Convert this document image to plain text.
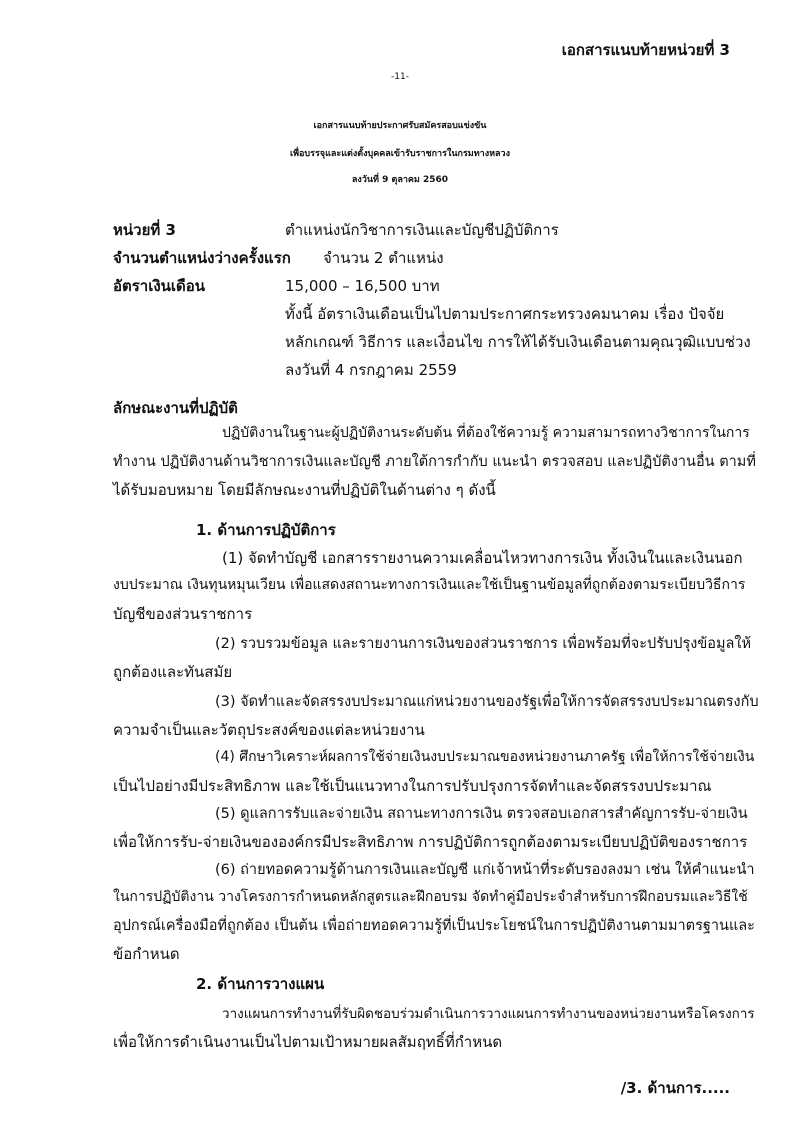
เอกสารแนบท้ายหน่วยที่ 3
-11-
เอกสารแนบท้ายประกาศรับสมัครสอบแข่งขัน
เพื่อบรรจุและแต่งตั้งบุคคลเข้ารับราชการในกรมทางหลวง
ลงวันที่ 9 ตุลาคม 2560
หน่วยที่ 3	ตำแหน่งนักวิชาการเงินและบัญชีปฏิบัติการ
จำนวนตำแหน่งว่างครั้งแรก จำนวน 2 ตำแหน่ง
อัตราเงินเดือน	15,000 – 16,500 บาท
ทั้งนี้ อัตราเงินเดือนเป็นไปตามประกาศกระทรวงคมนาคม เรื่อง ปัจจัย
หลักเกณฑ์ วิธีการ และเงื่อนไข การให้ได้รับเงินเดือนตามคุณวุฒิแบบช่วง
ลงวันที่ 4 กรกฎาคม 2559
ลักษณะงานที่ปฏิบัติ
ปฏิบัติงานในฐานะผู้ปฏิบัติงานระดับต้น ที่ต้องใช้ความรู้ ความสามารถทางวิชาการในการ
ทำงาน ปฏิบัติงานด้านวิชาการเงินและบัญชี ภายใต้การกำกับ แนะนำ ตรวจสอบ และปฏิบัติงานอื่น ตามที่
ได้รับมอบหมาย โดยมีลักษณะงานที่ปฏิบัติในด้านต่าง ๆ ดังนี้
1. ด้านการปฏิบัติการ
(1) จัดทำบัญชี เอกสารรายงานความเคลื่อนไหวทางการเงิน ทั้งเงินในและเงินนอก
งบประมาณ เงินทุนหมุนเวียน เพื่อแสดงสถานะทางการเงินและใช้เป็นฐานข้อมูลที่ถูกต้องตามระเบียบวิธีการ
บัญชีของส่วนราชการ
(2) รวบรวมข้อมูล และรายงานการเงินของส่วนราชการ เพื่อพร้อมที่จะปรับปรุงข้อมูลให้
ถูกต้องและทันสมัย
(3) จัดทำและจัดสรรงบประมาณแก่หน่วยงานของรัฐเพื่อให้การจัดสรรงบประมาณตรงกับ
ความจำเป็นและวัตถุประสงค์ของแต่ละหน่วยงาน
(4) ศึกษาวิเคราะห์ผลการใช้จ่ายเงินงบประมาณของหน่วยงานภาครัฐ เพื่อให้การใช้จ่ายเงิน
เป็นไปอย่างมีประสิทธิภาพ และใช้เป็นแนวทางในการปรับปรุงการจัดทำและจัดสรรงบประมาณ
(5) ดูแลการรับและจ่ายเงิน สถานะทางการเงิน ตรวจสอบเอกสารสำคัญการรับ-จ่ายเงิน
เพื่อให้การรับ-จ่ายเงินขององค์กรมีประสิทธิภาพ การปฏิบัติการถูกต้องตามระเบียบปฏิบัติของราชการ
(6) ถ่ายทอดความรู้ด้านการเงินและบัญชี แก่เจ้าหน้าที่ระดับรองลงมา เช่น ให้คำแนะนำ
ในการปฏิบัติงาน วางโครงการกำหนดหลักสูตรและฝึกอบรม จัดทำคู่มือประจำสำหรับการฝึกอบรมและวิธีใช้
อุปกรณ์เครื่องมือที่ถูกต้อง เป็นต้น เพื่อถ่ายทอดความรู้ที่เป็นประโยชน์ในการปฏิบัติงานตามมาตรฐานและ
ข้อกำหนด
2. ด้านการวางแผน
วางแผนการทำงานที่รับผิดชอบร่วมดำเนินการวางแผนการทำงานของหน่วยงานหรือโครงการ
เพื่อให้การดำเนินงานเป็นไปตามเป้าหมายผลสัมฤทธิ์ที่กำหนด
/3. ด้านการ.....
